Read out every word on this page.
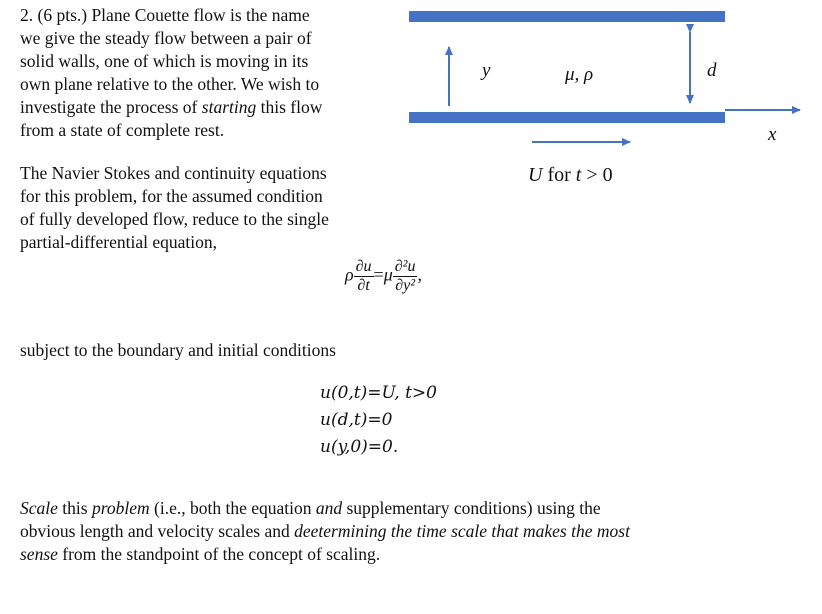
2. (6 pts.) Plane Couette flow is the name
we give the steady flow between a pair of
solid walls, one of which is moving in its
own plane relative to the other. We wish to
investigate the process of starting this flow
from a state of complete rest.
y	μ, ρ	d
x
U for t > 0
The Navier Stokes and continuity equations
for this problem, for the assumed condition
of fully developed flow, reduce to the single
partial-differential equation,
ρ $\frac{\partial u}{\partial t} =\mu \frac{\text{∂²u}}{\text{∂y²}}$ ,
subject to the boundary and initial conditions
u(0,t)=U, t>0
u(d,t)=0
u(y,0)=0.
Scale this problem (i.e., both the equation and supplementary conditions) using the
obvious length and velocity scales and deetermining the time scale that makes the most
sense from the standpoint of the concept of scaling.
